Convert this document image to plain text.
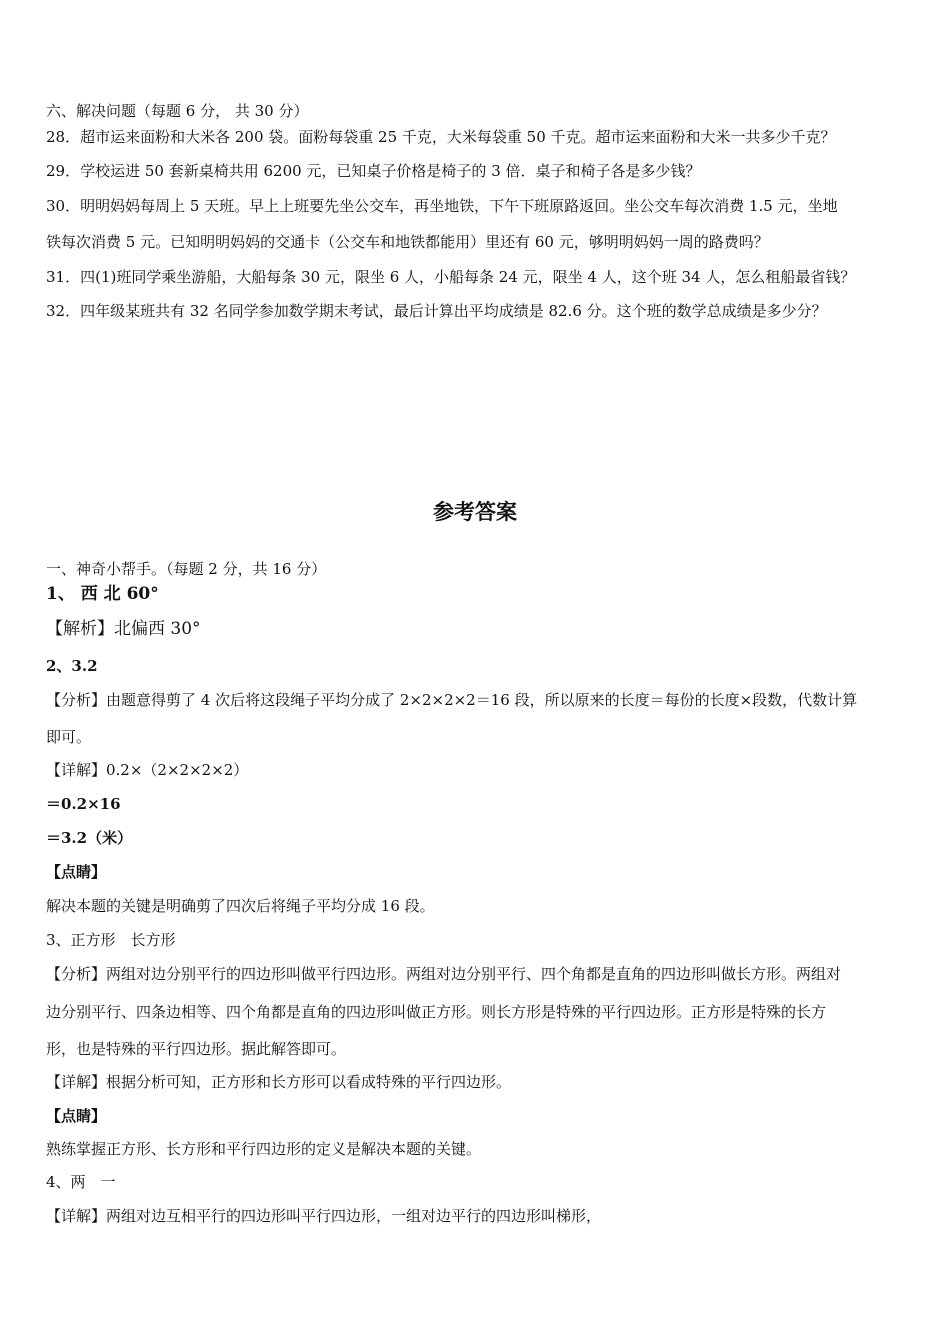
六、解决问题（每题 6 分， 共 30 分）
28．超市运来面粉和大米各 200 袋。面粉每袋重 25 千克，大米每袋重 50 千克。超市运来面粉和大米一共多少千克？
29．学校运进 50 套新桌椅共用 6200 元，已知桌子价格是椅子的 3 倍．桌子和椅子各是多少钱？
30．明明妈妈每周上 5 天班。早上上班要先坐公交车，再坐地铁，下午下班原路返回。坐公交车每次消费 1.5 元，坐地
铁每次消费 5 元。已知明明妈妈的交通卡（公交车和地铁都能用）里还有 60 元，够明明妈妈一周的路费吗？
31．四(1)班同学乘坐游船，大船每条 30 元，限坐 6 人，小船每条 24 元，限坐 4 人，这个班 34 人，怎么租船最省钱？
32．四年级某班共有 32 名同学参加数学期末考试，最后计算出平均成绩是 82.6 分。这个班的数学总成绩是多少分？
参考答案
一、神奇小帮手。（每题 2 分，共 16 分）
1、 西 北 60°
【解析】北偏西 30°
2、3.2
【分析】由题意得剪了 4 次后将这段绳子平均分成了 2×2×2×2＝16 段，所以原来的长度＝每份的长度×段数，代数计算
即可。
【详解】0.2×（2×2×2×2）
＝0.2×16
＝3.2（米）
【点睛】
解决本题的关键是明确剪了四次后将绳子平均分成 16 段。
3、正方形　长方形
【分析】两组对边分别平行的四边形叫做平行四边形。两组对边分别平行、四个角都是直角的四边形叫做长方形。两组对
边分别平行、四条边相等、四个角都是直角的四边形叫做正方形。则长方形是特殊的平行四边形。正方形是特殊的长方
形，也是特殊的平行四边形。据此解答即可。
【详解】根据分析可知，正方形和长方形可以看成特殊的平行四边形。
【点睛】
熟练掌握正方形、长方形和平行四边形的定义是解决本题的关键。
4、两　一
【详解】两组对边互相平行的四边形叫平行四边形，一组对边平行的四边形叫梯形，
